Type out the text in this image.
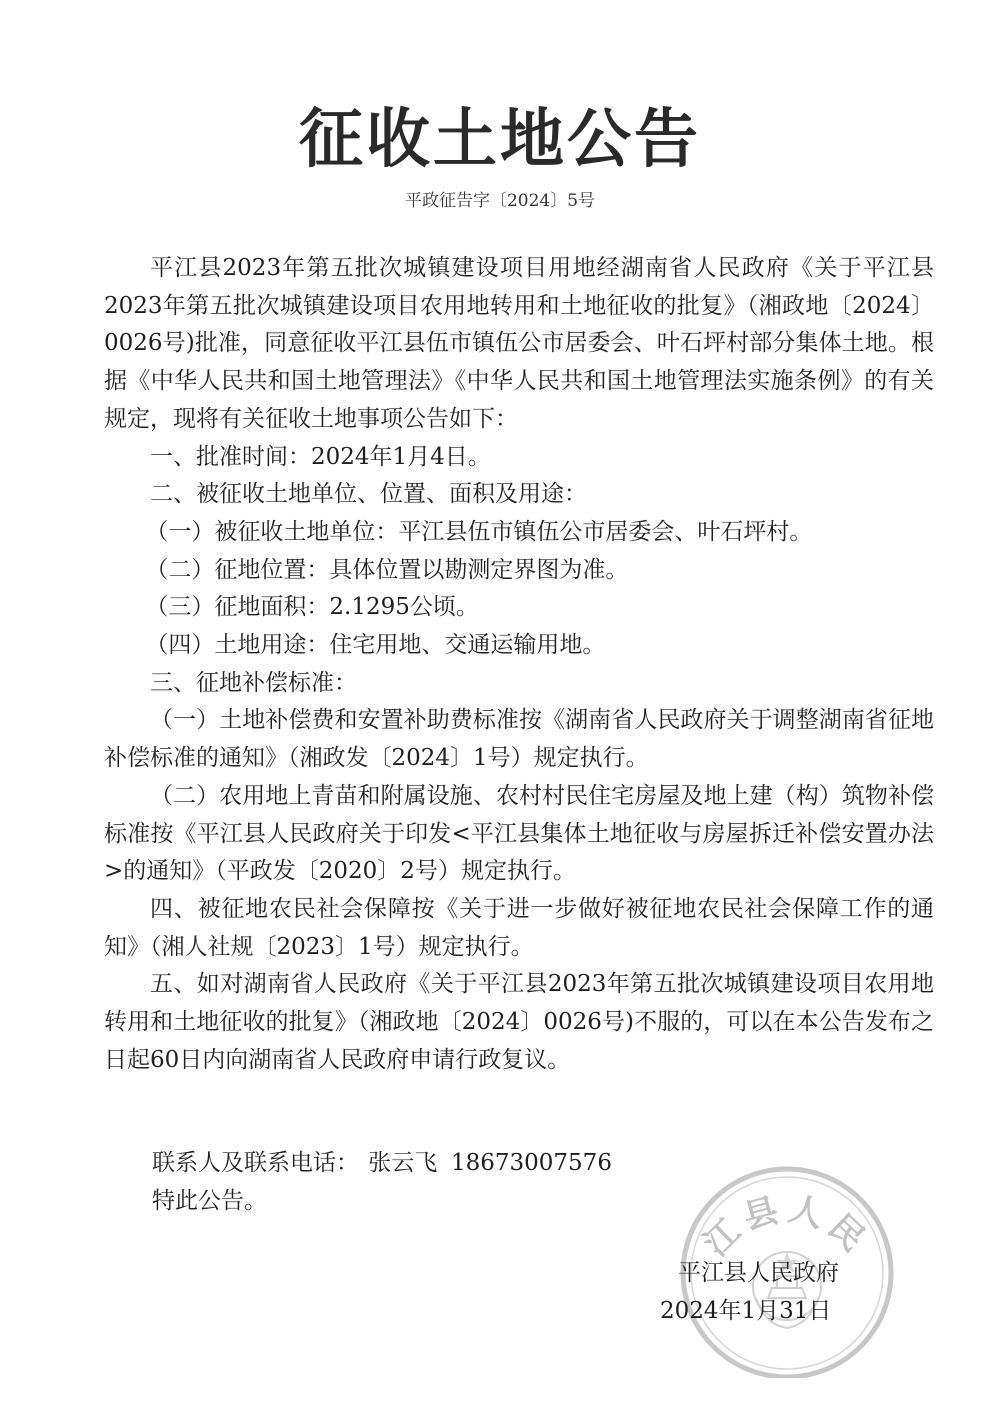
征收土地公告
平政征告字〔2024〕5号

平江县2023年第五批次城镇建设项目用地经湖南省人民政府《关于平江县2023年第五批次城镇建设项目农用地转用和土地征收的批复》（湘政地〔2024〕0026号)批准，同意征收平江县伍市镇伍公市居委会、叶石坪村部分集体土地。根据《中华人民共和国土地管理法》《中华人民共和国土地管理法实施条例》的有关规定，现将有关征收土地事项公告如下：

一、批准时间：2024年1月4日。

二、被征收土地单位、位置、面积及用途：

（一）被征收土地单位：平江县伍市镇伍公市居委会、叶石坪村。

（二）征地位置：具体位置以勘测定界图为准。

（三）征地面积：2.1295公顷。

（四）土地用途：住宅用地、交通运输用地。

三、征地补偿标准：

（一）土地补偿费和安置补助费标准按《湖南省人民政府关于调整湖南省征地补偿标准的通知》（湘政发〔2024〕1号）规定执行。

（二）农用地上青苗和附属设施、农村村民住宅房屋及地上建（构）筑物补偿标准按《平江县人民政府关于印发<平江县集体土地征收与房屋拆迁补偿安置办法>的通知》（平政发〔2020〕2号）规定执行。

四、被征地农民社会保障按《关于进一步做好被征地农民社会保障工作的通知》（湘人社规〔2023〕1号）规定执行。

五、如对湖南省人民政府《关于平江县2023年第五批次城镇建设项目农用地转用和土地征收的批复》（湘政地〔2024〕0026号)不服的，可以在本公告发布之日起60日内向湖南省人民政府申请行政复议。

联系人及联系电话： 张云飞 18673007576

特此公告。

江县人民

平江县人民政府

2024年1月31日
